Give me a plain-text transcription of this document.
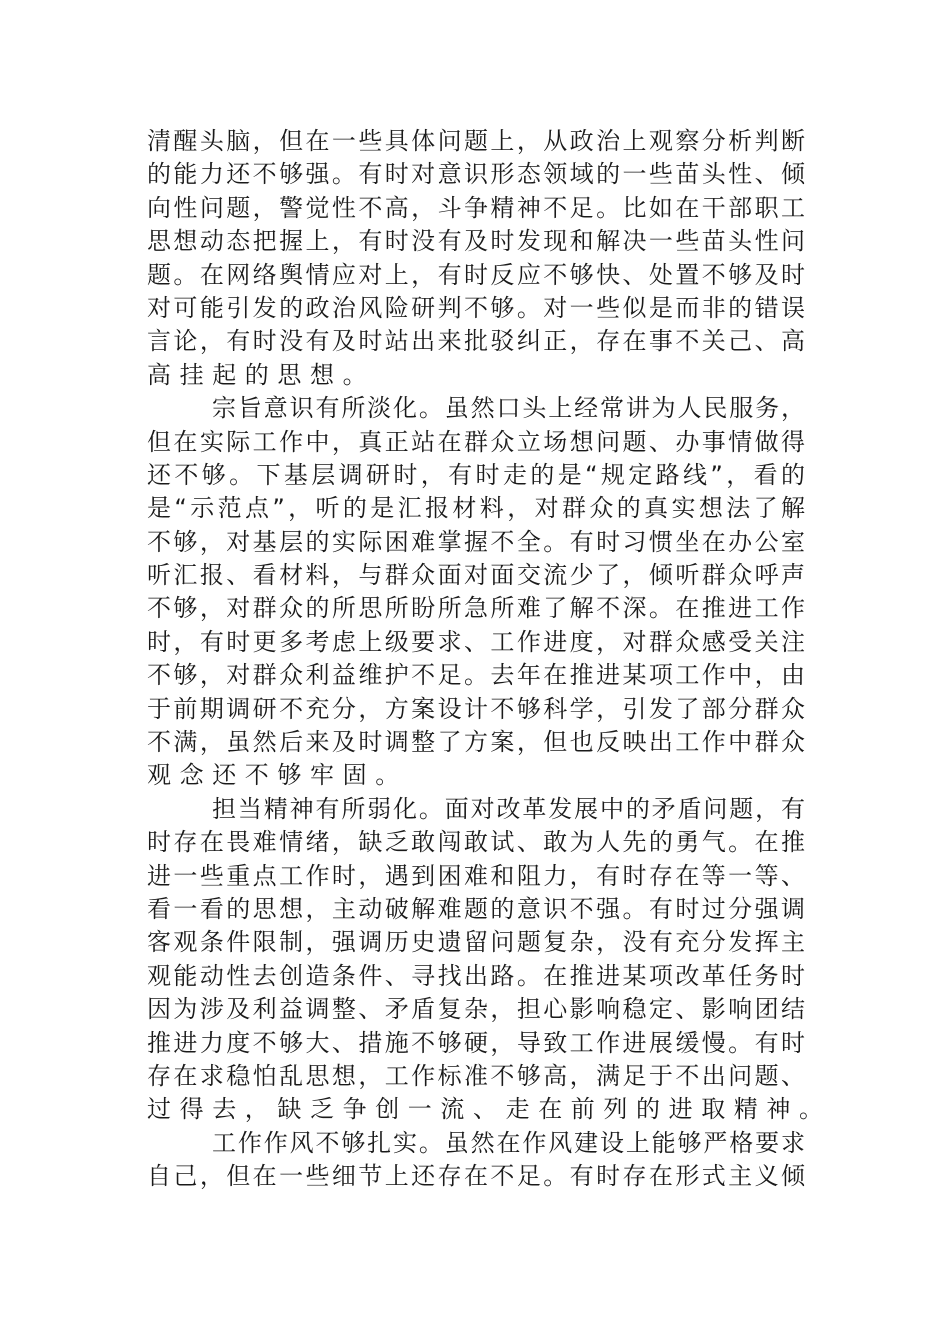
清醒头脑，但在一些具体问题上，从政治上观察分析判断
的能力还不够强。有时对意识形态领域的一些苗头性、倾
向性问题，警觉性不高，斗争精神不足。比如在干部职工
思想动态把握上，有时没有及时发现和解决一些苗头性问
题。在网络舆情应对上，有时反应不够快、处置不够及时
对可能引发的政治风险研判不够。对一些似是而非的错误
言论，有时没有及时站出来批驳纠正，存在事不关己、高
高挂起的思想。
宗旨意识有所淡化。虽然口头上经常讲为人民服务，
但在实际工作中，真正站在群众立场想问题、办事情做得
还不够。下基层调研时，有时走的是“规定路线”，看的
是“示范点”，听的是汇报材料，对群众的真实想法了解
不够，对基层的实际困难掌握不全。有时习惯坐在办公室
听汇报、看材料，与群众面对面交流少了，倾听群众呼声
不够，对群众的所思所盼所急所难了解不深。在推进工作
时，有时更多考虑上级要求、工作进度，对群众感受关注
不够，对群众利益维护不足。去年在推进某项工作中，由
于前期调研不充分，方案设计不够科学，引发了部分群众
不满，虽然后来及时调整了方案，但也反映出工作中群众
观念还不够牢固。
担当精神有所弱化。面对改革发展中的矛盾问题，有
时存在畏难情绪，缺乏敢闯敢试、敢为人先的勇气。在推
进一些重点工作时，遇到困难和阻力，有时存在等一等、
看一看的思想，主动破解难题的意识不强。有时过分强调
客观条件限制，强调历史遗留问题复杂，没有充分发挥主
观能动性去创造条件、寻找出路。在推进某项改革任务时
因为涉及利益调整、矛盾复杂，担心影响稳定、影响团结
推进力度不够大、措施不够硬，导致工作进展缓慢。有时
存在求稳怕乱思想，工作标准不够高，满足于不出问题、
过得去，缺乏争创一流、走在前列的进取精神。
工作作风不够扎实。虽然在作风建设上能够严格要求
自己，但在一些细节上还存在不足。有时存在形式主义倾
